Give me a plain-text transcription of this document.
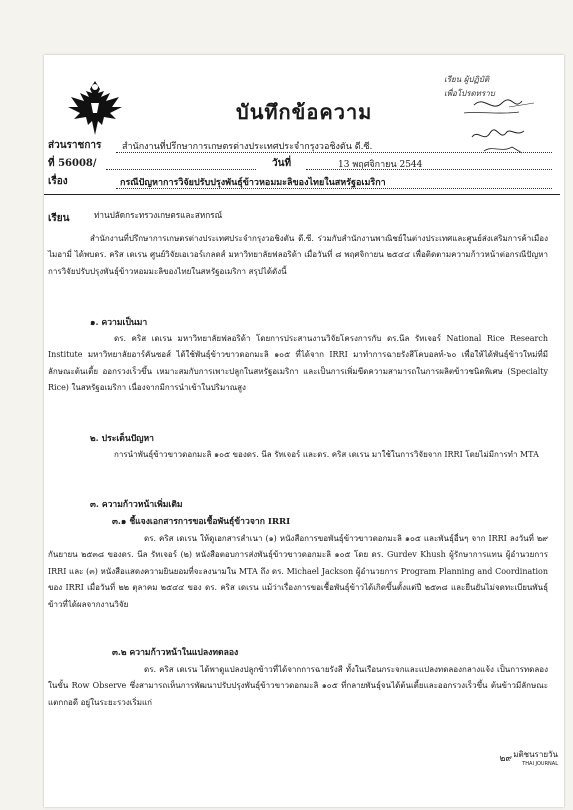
บันทึกข้อความ
เรียน ผู้ปฏิบัติ
เพื่อโปรดทราบ
ส่วนราชการ สำนักงานที่ปรึกษาการเกษตรต่างประเทศประจำกรุงวอชิงตัน ดี.ซี.
ที่ 56008/	วันที่	13 พฤศจิกายน 2544
เรื่อง	กรณีปัญหาการวิจัยปรับปรุงพันธุ์ข้าวหอมมะลิของไทยในสหรัฐอเมริกา
เรียน	ท่านปลัดกระทรวงเกษตรและสหกรณ์
สำนักงานที่ปรึกษาการเกษตรต่างประเทศประจำกรุงวอชิงตัน ดี.ซี. ร่วมกับสำนักงานพาณิชย์ในต่างประเทศและศูนย์ส่งเสริมการค้าเมืองไมอามี่ ได้พบดร. คริส เดเรน ศูนย์วิจัยเอเวอร์เกลดส์ มหาวิทยาลัยฟลอริด้า เมื่อวันที่ ๘ พฤศจิกายน ๒๕๔๔ เพื่อติดตามความก้าวหน้าต่อกรณีปัญหาการวิจัยปรับปรุงพันธุ์ข้าวหอมมะลิของไทยในสหรัฐอเมริกา สรุปได้ดังนี้
๑. ความเป็นมา
ดร. คริส เดเรน มหาวิทยาลัยฟลอริด้า โดยการประสานงานวิจัยโครงการกับ ดร.นีล รัทเจอร์ National Rice Research Institute มหาวิทยาลัยอาร์คันซอส์ ได้ใช้พันธุ์ข้าวขาวดอกมะลิ ๑๐๕ ที่ได้จาก IRRI มาทำการฉายรังสีโคบอลท์-๖๐ เพื่อให้ได้พันธุ์ข้าวใหม่ที่มีลักษณะต้นเตี้ย ออกรวงเร็วขึ้น เหมาะสมกับการเพาะปลูกในสหรัฐอเมริกา และเป็นการเพิ่มขีดความสามารถในการผลิตข้าวชนิดพิเศษ (Specialty Rice) ในสหรัฐอเมริกา เนื่องจากมีการนำเข้าในปริมาณสูง
๒. ประเด็นปัญหา
การนำพันธุ์ข้าวขาวดอกมะลิ ๑๐๕ ของดร. นีล รัทเจอร์ และดร. คริส เดเรน มาใช้ในการวิจัยจาก IRRI โดยไม่มีการทำ MTA
๓. ความก้าวหน้าเพิ่มเติม
๓.๑ ชี้แจงเอกสารการขอเชื้อพันธุ์ข้าวจาก IRRI
ดร. คริส เดเรน ให้ดูเอกสารสำเนา (๑) หนังสือการขอพันธุ์ข้าวขาวดอกมะลิ ๑๐๕ และพันธุ์อื่นๆ จาก IRRI ลงวันที่ ๒๙ กันยายน ๒๕๓๘ ของดร. นีล รัทเจอร์ (๒) หนังสือตอบการส่งพันธุ์ข้าวขาวดอกมะลิ ๑๐๕ โดย ดร. Gurdev Khush ผู้รักษาการแทน ผู้อำนวยการ IRRI และ (๓) หนังสือแสดงความยินยอมที่จะลงนามใน MTA ถึง ดร. Michael Jackson ผู้อำนวยการ Program Planning and Coordination ของ IRRI เมื่อวันที่ ๒๒ ตุลาคม ๒๕๔๔ ของ ดร. คริส เดเรน แม้ว่าเรื่องการขอเชื้อพันธุ์ข้าวได้เกิดขึ้นตั้งแต่ปี ๒๕๓๘ และยืนยันไม่จดทะเบียนพันธุ์ข้าวที่ได้ผลจากงานวิจัย
๓.๒ ความก้าวหน้าในแปลงทดลอง
ดร. คริส เดเรน ได้พาดูแปลงปลูกข้าวที่ได้จากการฉายรังสี ทั้งในเรือนกระจกและแปลงทดลองกลางแจ้ง เป็นการทดลองในขั้น Row Observe ซึ่งสามารถเห็นการพัฒนาปรับปรุงพันธุ์ข้าวขาวดอกมะลิ ๑๐๕ ที่กลายพันธุ์จนได้ต้นเตี้ยและออกรวงเร็วขึ้น ต้นข้าวมีลักษณะแตกกอดี อยู่ในระยะรวงเริ่มแก่
๒๙ มติชนรายวัน
THAI JOURNAL
